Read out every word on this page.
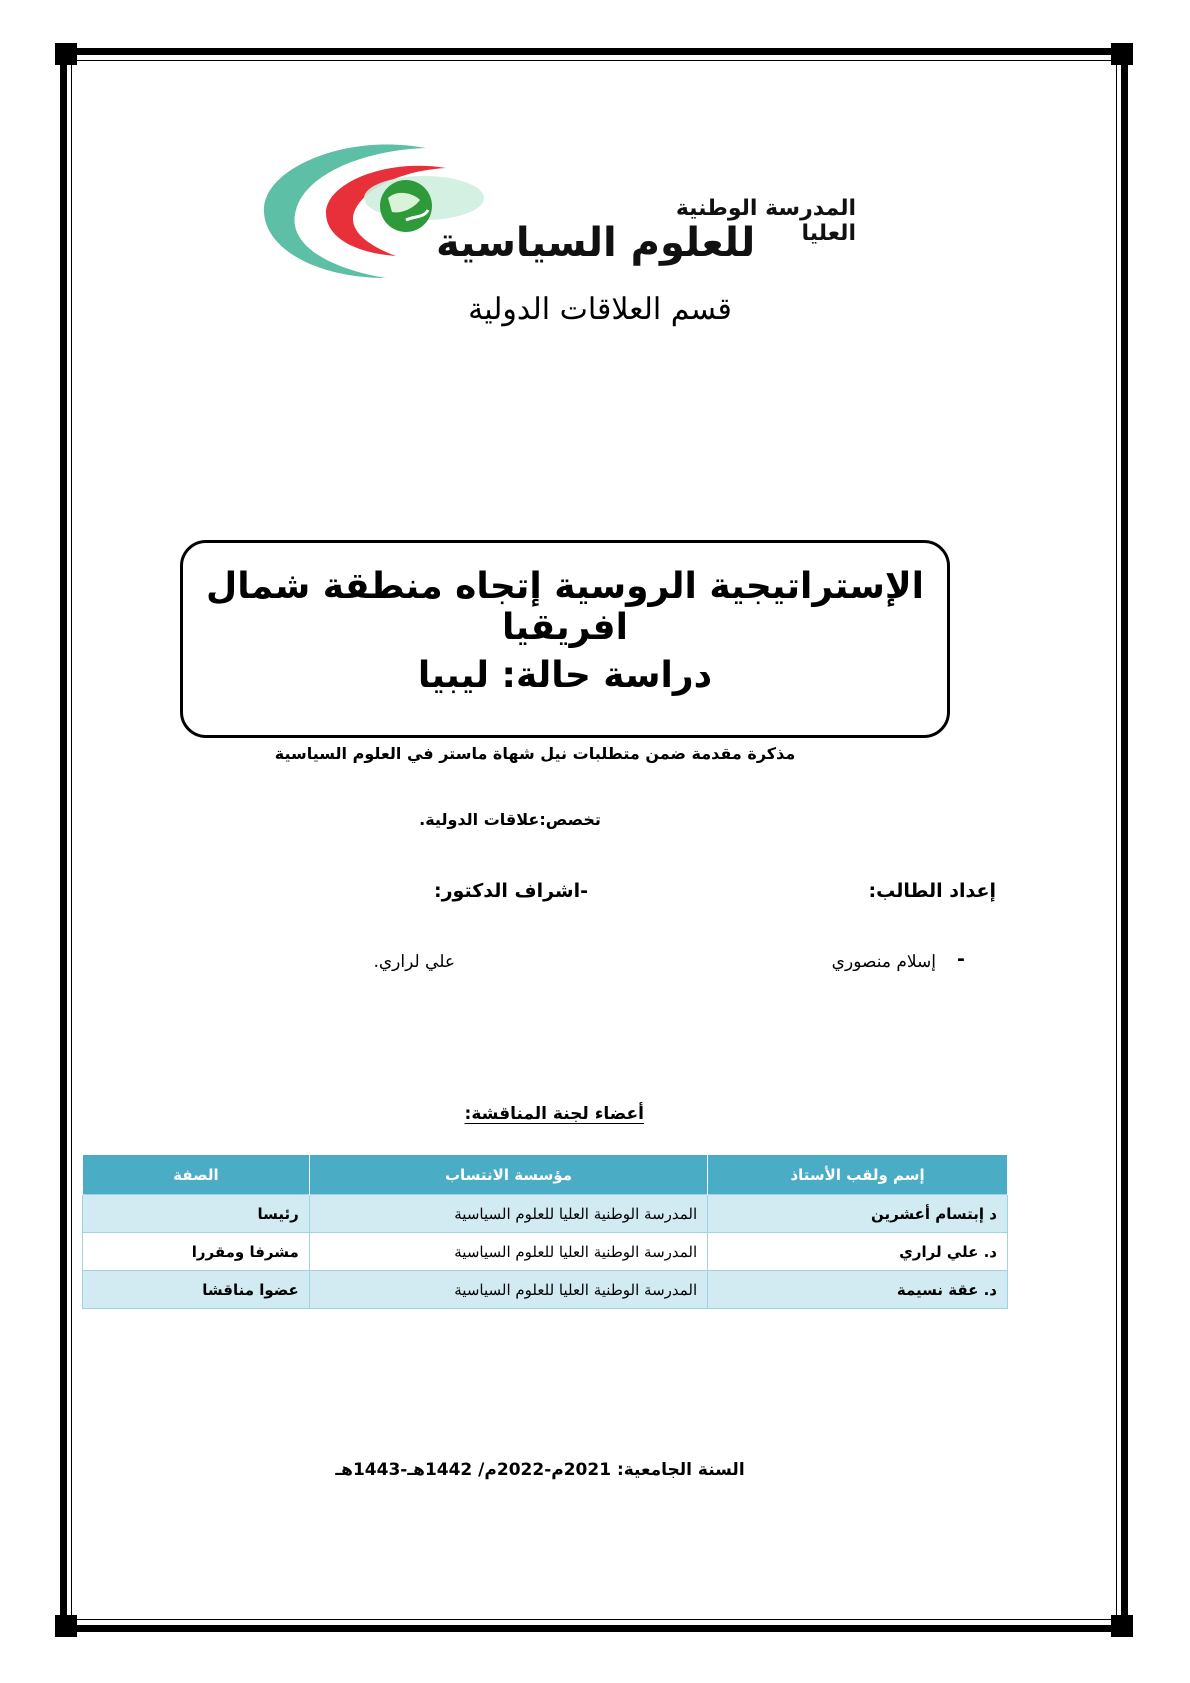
المدرسة الوطنية العليا
للعلوم السياسية
قسم العلاقات الدولية
الإستراتيجية الروسية إتجاه منطقة شمال افريقيا
دراسة حالة: ليبيا
مذكرة مقدمة ضمن متطلبات نيل شهاة ماستر في العلوم السياسية
تخصص:علاقات الدولية.
إعداد الطالب:
-اشراف الدكتور:
-
إسلام منصوري
علي لراري.
أعضاء لجنة المناقشة:
إسم ولقب الأستاذ	مؤسسة الانتساب	الصفة
د إبتسام أعشرين	المدرسة الوطنية العليا للعلوم السياسية	رئيسا
د. علي لراري	المدرسة الوطنية العليا للعلوم السياسية	مشرفا ومقررا
د. عقة نسيمة	المدرسة الوطنية العليا للعلوم السياسية	عضوا مناقشا
السنة الجامعية: 2021م-2022م/ 1442هـ-1443هـ
